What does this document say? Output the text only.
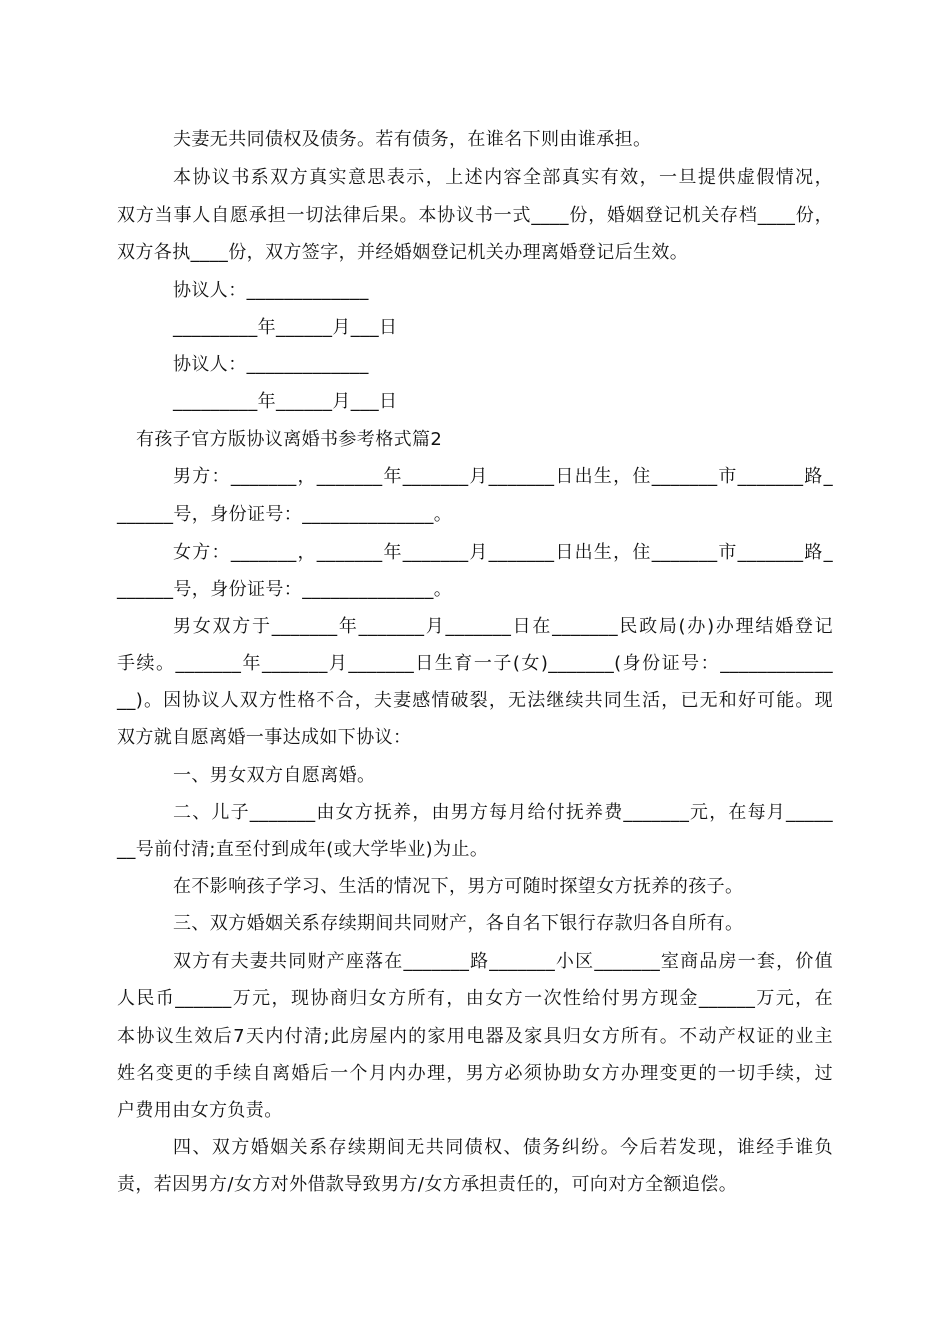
夫妻无共同债权及债务。若有债务，在谁名下则由谁承担。
本协议书系双方真实意思表示，上述内容全部真实有效，一旦提供虚假情况，
双方当事人自愿承担一切法律后果。本协议书一式____份，婚姻登记机关存档____份，
双方各执____份，双方签字，并经婚姻登记机关办理离婚登记后生效。
协议人：_____________
_________年______月___日
协议人：_____________
_________年______月___日
有孩子官方版协议离婚书参考格式篇2
男方：_______，_______年_______月_______日出生，住_______市_______路_
______号，身份证号：______________。
女方：_______，_______年_______月_______日出生，住_______市_______路_
______号，身份证号：______________。
男女双方于_______年_______月_______日在_______民政局(办)办理结婚登记
手续。_______年_______月_______日生育一子(女)_______(身份证号：____________
__)。因协议人双方性格不合，夫妻感情破裂，无法继续共同生活，已无和好可能。现
双方就自愿离婚一事达成如下协议：
一、男女双方自愿离婚。
二、儿子_______由女方抚养，由男方每月给付抚养费_______元，在每月_____
__号前付清;直至付到成年(或大学毕业)为止。
在不影响孩子学习、生活的情况下，男方可随时探望女方抚养的孩子。
三、双方婚姻关系存续期间共同财产，各自名下银行存款归各自所有。
双方有夫妻共同财产座落在_______路_______小区_______室商品房一套，价值
人民币______万元，现协商归女方所有，由女方一次性给付男方现金______万元，在
本协议生效后7天内付清;此房屋内的家用电器及家具归女方所有。不动产权证的业主
姓名变更的手续自离婚后一个月内办理，男方必须协助女方办理变更的一切手续，过
户费用由女方负责。
四、双方婚姻关系存续期间无共同债权、债务纠纷。今后若发现，谁经手谁负
责，若因男方/女方对外借款导致男方/女方承担责任的，可向对方全额追偿。
